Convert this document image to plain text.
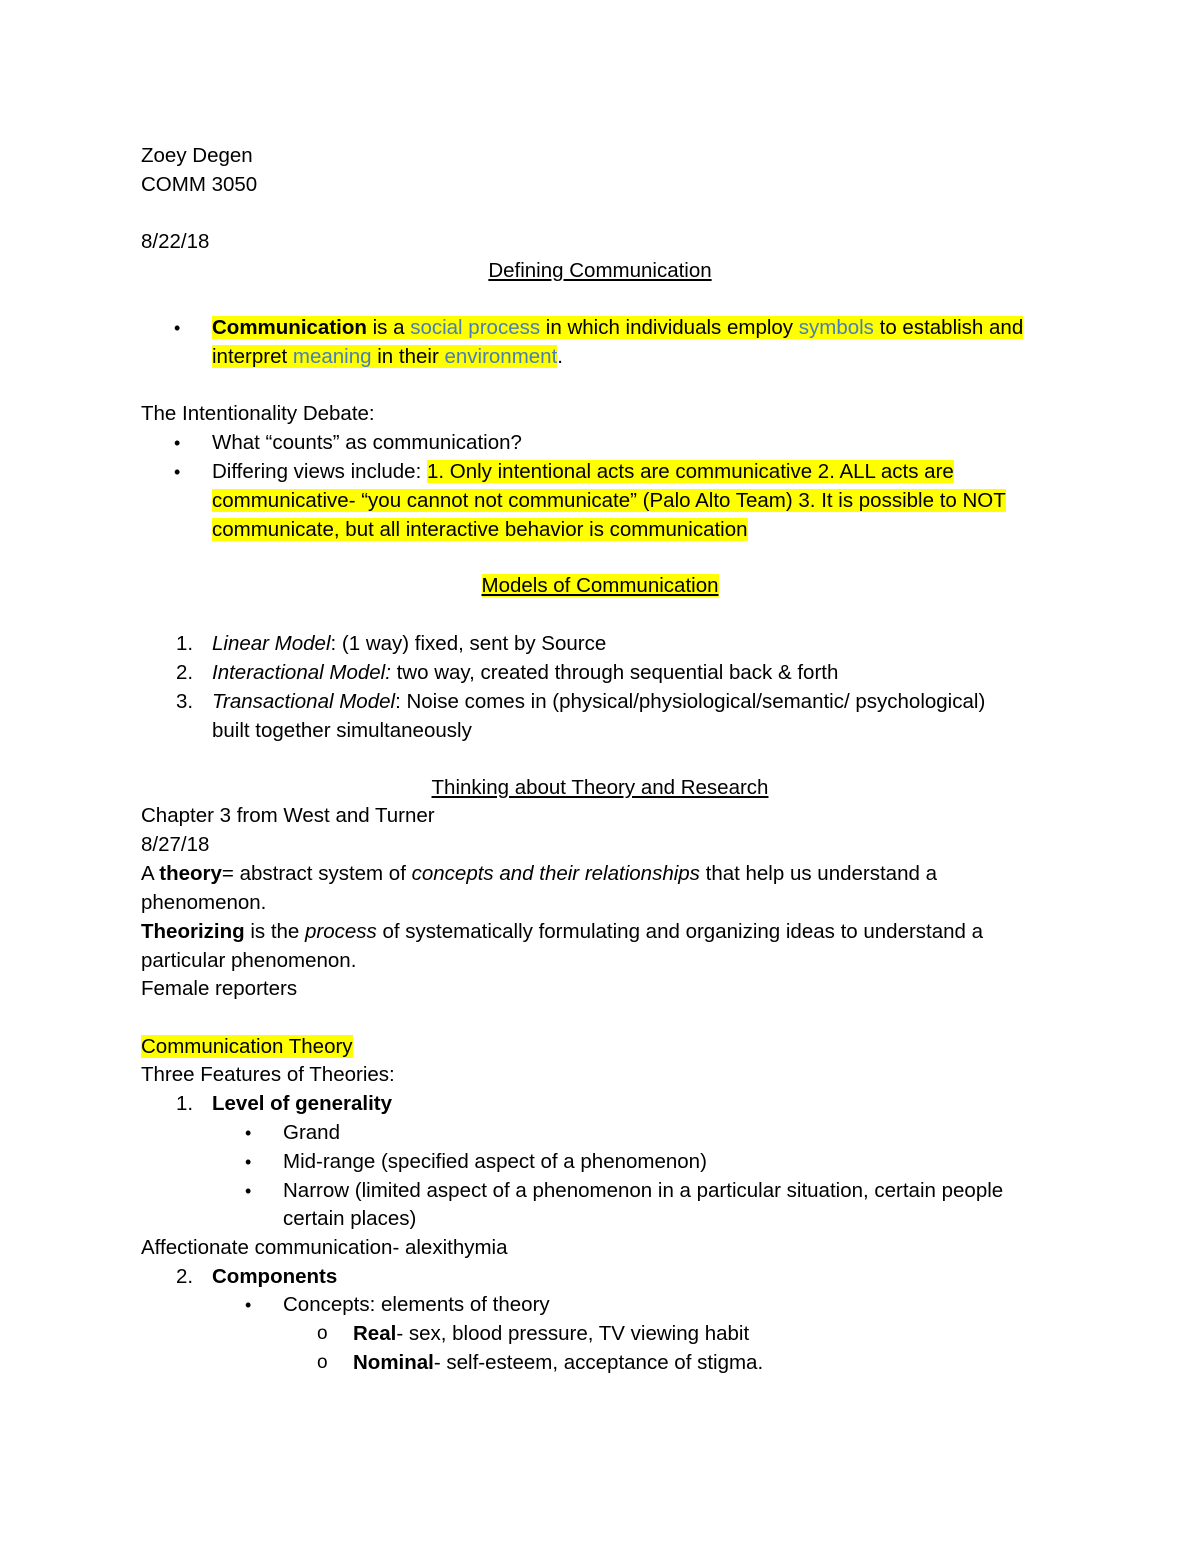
Zoey Degen
COMM 3050
8/22/18
Defining Communication
• Communication is a social process in which individuals employ symbols to establish and
interpret meaning in their environment.
The Intentionality Debate:
• What “counts” as communication?
• Differing views include: 1. Only intentional acts are communicative 2. ALL acts are
communicative- “you cannot not communicate” (Palo Alto Team) 3. It is possible to NOT
communicate, but all interactive behavior is communication
Models of Communication
1. Linear Model: (1 way) fixed, sent by Source
2. Interactional Model: two way, created through sequential back & forth
3. Transactional Model: Noise comes in (physical/physiological/semantic/ psychological)
built together simultaneously
Thinking about Theory and Research
Chapter 3 from West and Turner
8/27/18
A theory= abstract system of concepts and their relationships that help us understand a
phenomenon.
Theorizing is the process of systematically formulating and organizing ideas to understand a
particular phenomenon.
Female reporters
Communication Theory
Three Features of Theories:
1. Level of generality
• Grand
• Mid-range (specified aspect of a phenomenon)
• Narrow (limited aspect of a phenomenon in a particular situation, certain people
certain places)
Affectionate communication- alexithymia
2. Components
• Concepts: elements of theory
o Real- sex, blood pressure, TV viewing habit
o Nominal- self-esteem, acceptance of stigma.
